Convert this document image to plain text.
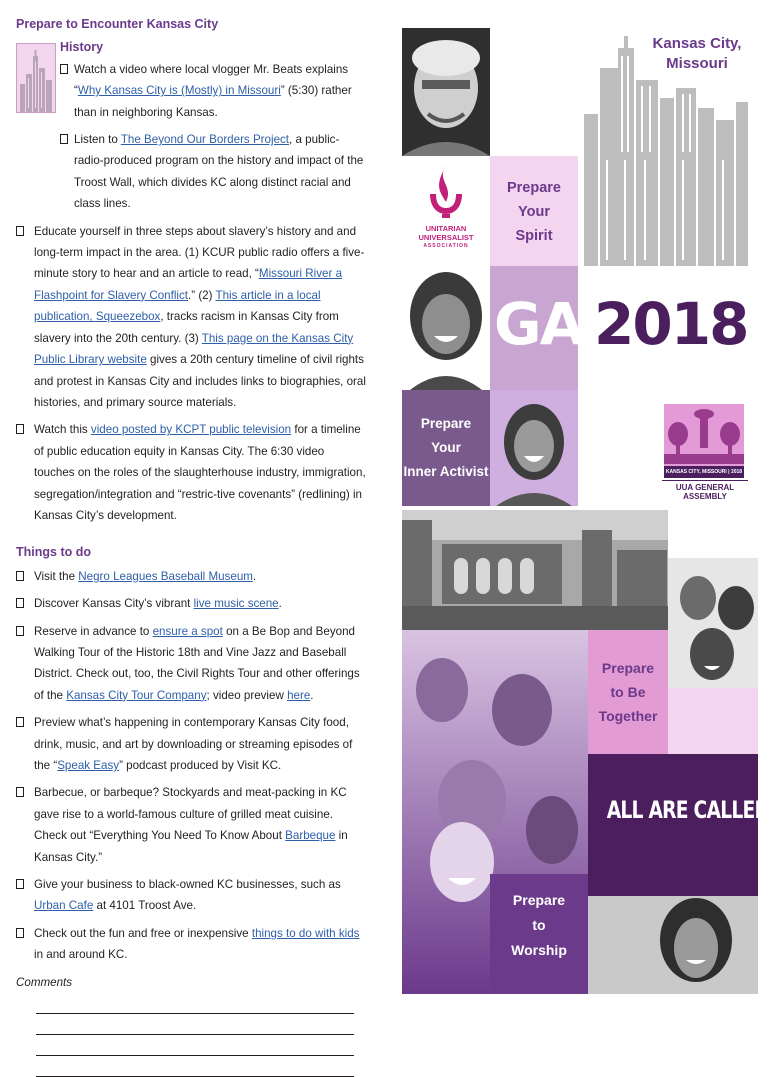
Prepare to Encounter Kansas City
History
Watch a video where local vlogger Mr. Beats explains “Why Kansas City is (Mostly) in Missouri” (5:30) rather than in neighboring Kansas.
Listen to The Beyond Our Borders Project, a public-radio-produced program on the history and impact of the Troost Wall, which divides KC along distinct racial and class lines.
Educate yourself in three steps about slavery’s history and and long-term impact in the area. (1) KCUR public radio offers a five-minute story to hear and an article to read, “Missouri River a Flashpoint for Slavery Conflict.” (2) This article in a local publication, Squeezebox, tracks racism in Kansas City from slavery into the 20th century. (3) This page on the Kansas City Public Library website gives a 20th century timeline of civil rights and protest in Kansas City and includes links to biographies, oral histories, and primary source materials.
Watch this video posted by KCPT public television for a timeline of public education equity in Kansas City. The 6:30 video touches on the roles of the slaughterhouse industry, immigration, segregation/integration and “restric-tive covenants” (redlining) in Kansas City’s development.
Things to do
Visit the Negro Leagues Baseball Museum.
Discover Kansas City’s vibrant live music scene.
Reserve in advance to ensure a spot on a Be Bop and Beyond Walking Tour of the Historic 18th and Vine Jazz and Baseball District. Check out, too, the Civil Rights Tour and other offerings of the Kansas City Tour Company; video preview here.
Preview what’s happening in contemporary Kansas City food, drink, music, and art by downloading or streaming episodes of the “Speak Easy” podcast produced by Visit KC.
Barbecue, or barbeque? Stockyards and meat-packing in KC gave rise to a world-famous culture of grilled meat cuisine. Check out “Everything You Need To Know About Barbeque in Kansas City.”
Give your business to black-owned KC businesses, such as Urban Cafe at 4101 Troost Ave.
Check out the fun and free or inexpensive things to do with kids in and around KC.
Comments
Kansas City,
Missouri
UNITARIAN
UNIVERSALIST
ASSOCIATION
Prepare
Your
Spirit
GA 2018
Prepare
Your
Inner Activist	KANSAS CITY, MISSOURI | 2018
UUA GENERAL ASSEMBLY
Prepare
to Be
Together
ALL ARE CALLED!
Prepare
to
Worship
